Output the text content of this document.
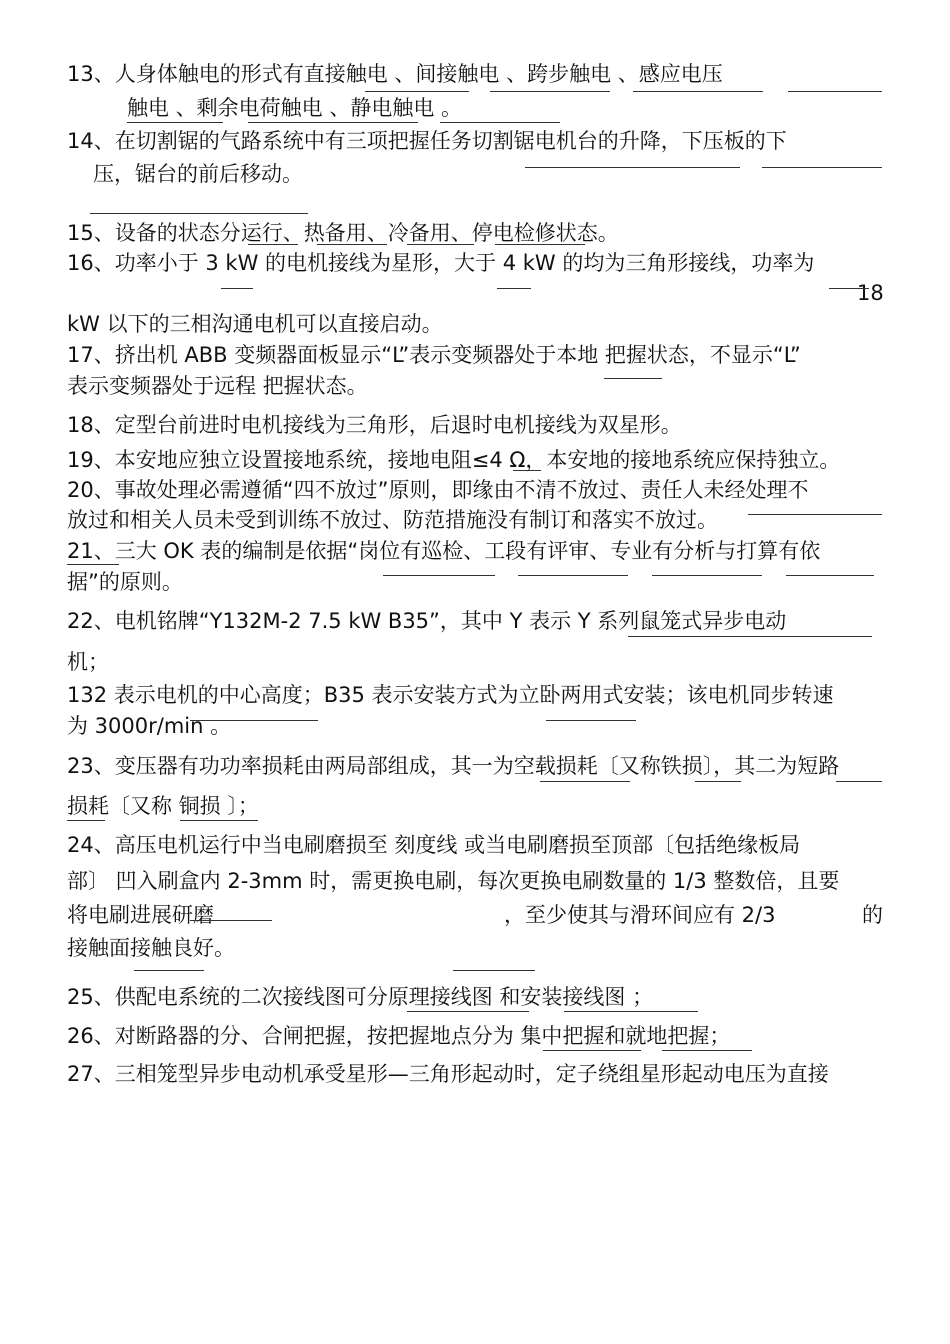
13、人身体触电的形式有直接触电 、间接触电 、跨步触电 、感应电压
触电 、剩余电荷触电 、静电触电 。
14、在切割锯的气路系统中有三项把握任务切割锯电机台的升降，下压板的下
压，锯台的前后移动。
15、设备的状态分运行、热备用、冷备用、停电检修状态。
16、功率小于 3 kW 的电机接线为星形，大于 4 kW 的均为三角形接线，功率为
18
kW 以下的三相沟通电机可以直接启动。
17、挤出机 ABB 变频器面板显示“L”表示变频器处于本地 把握状态，不显示“L”
表示变频器处于远程 把握状态。
18、定型台前进时电机接线为三角形，后退时电机接线为双星形。
19、本安地应独立设置接地系统，接地电阻≤4 Ω，本安地的接地系统应保持独立。
20、事故处理必需遵循“四不放过”原则，即缘由不清不放过、责任人未经处理不
放过和相关人员未受到训练不放过、防范措施没有制订和落实不放过。
21、三大 OK 表的编制是依据“岗位有巡检、工段有评审、专业有分析与打算有依
据”的原则。
22、电机铭牌“Y132M-2 7.5 kW B35”，其中 Y 表示 Y 系列鼠笼式异步电动
机；
132 表示电机的中心高度；B35 表示安装方式为立卧两用式安装；该电机同步转速
为 3000r/min 。
23、变压器有功功率损耗由两局部组成，其一为空载损耗〔又称铁损〕，其二为短路
损耗〔又称 铜损 〕；
24、高压电机运行中当电刷磨损至 刻度线 或当电刷磨损至顶部〔包括绝缘板局
部〕 凹入刷盒内 2-3mm 时，需更换电刷，每次更换电刷数量的 1/3 整数倍，且要
将电刷进展研磨	，至少使其与滑环间应有 2/3	的
接触面接触良好。
25、供配电系统的二次接线图可分原理接线图 和安装接线图 ；
26、对断路器的分、合闸把握，按把握地点分为 集中把握和就地把握；
27、三相笼型异步电动机承受星形—三角形起动时，定子绕组星形起动电压为直接
